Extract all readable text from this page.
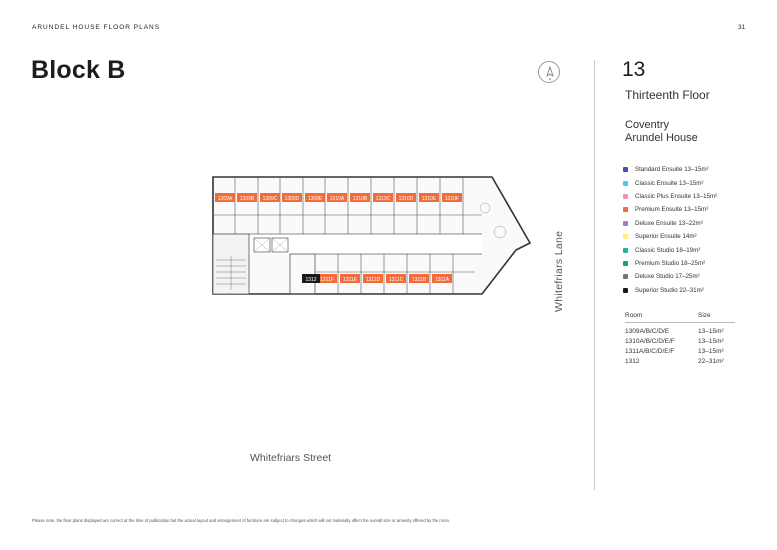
ARUNDEL HOUSE FLOOR PLANS	31
Block B	N	13
Thirteenth Floor
Coventry
Arundel House
Standard Ensuite 13–15m²
Classic Ensuite 13–15m²
Classic Plus Ensuite 13–15m²
Premium Ensuite 13–15m²
Deluxe Ensuite 13–22m²
Superior Ensuite 14m²
Classic Studio 18–19m²
Premium Studio 18–25m²
Deluxe Studio 17–25m²
Superior Studio 22–31m²
Room	Size
1309A/B/C/D/E	13–15m²
1310A/B/C/D/E/F	13–15m²
1311A/B/C/D/E/F	13–15m²
1312	22–31m²
1309A 1309B 1309C 1309D 1309E 1310A 1310B 1310C 1310D 1310E 1310F
1311F 1311E 1311D 1311C 1311B 1311A
1312
Whitefriars Street
Whitefriars Lane
Please note, the floor plans displayed are correct at the time of publication but the actual layout and arrangement of furniture are subject to changes which will not materially affect the overall size or amenity offered by the room.
